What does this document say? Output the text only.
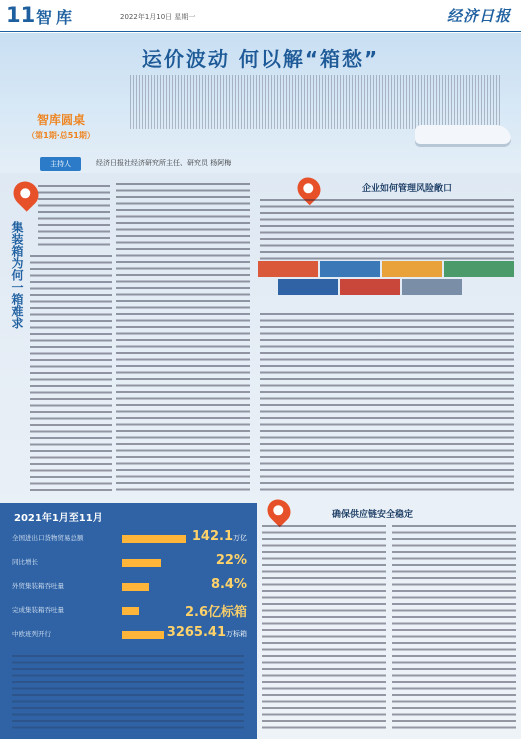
11 智库	2022年1月10日 星期一	经济日报
运价波动 何以解“箱愁”
智库圆桌
（第1期·总51期）
主持人	经济日报社经济研究所主任、研究员 杨阿梅
集装箱为何一箱难求
企业如何管理风险敞口
2021年1月至11月
全国进出口货物贸易总额	142.1万亿
同比增长	22%
外贸集装箱吞吐量	8.4%
完成集装箱吞吐量	2.6亿标箱
中欧班列开行	3265.41万标箱
确保供应链安全稳定
